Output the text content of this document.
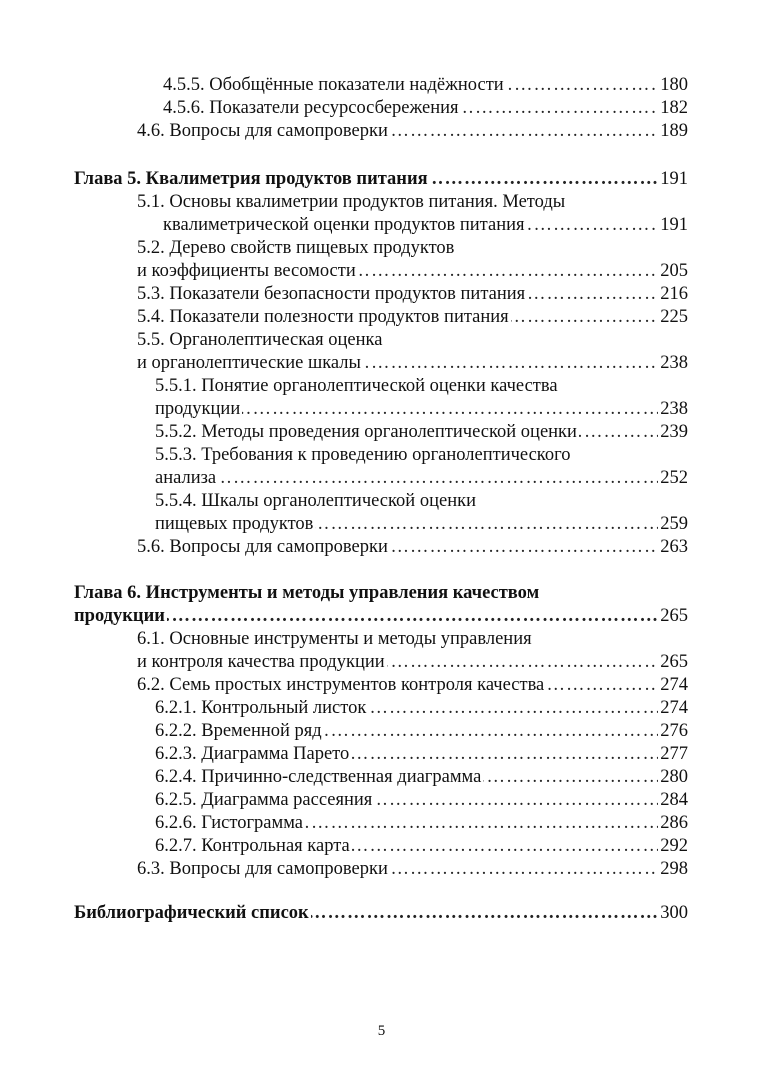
…………………………………………………………………………………………………………………………………………………………………………
4.5.5. Обобщённые показатели надёжности	180
…………………………………………………………………………………………………………………………………………………………………………
4.5.6. Показатели ресурсосбережения	182
…………………………………………………………………………………………………………………………………………………………………………
4.6. Вопросы для самопроверки	189
…………………………………………………………………………………………………………………………………………………………………………
Глава 5. Квалиметрия продуктов питания	191
5.1. Основы квалиметрии продуктов питания. Методы
…………………………………………………………………………………………………………………………………………………………………………
квалиметрической оценки продуктов питания	191
5.2. Дерево свойств пищевых продуктов
…………………………………………………………………………………………………………………………………………………………………………
и коэффициенты весомости	205
…………………………………………………………………………………………………………………………………………………………………………
5.3. Показатели безопасности продуктов питания	216
…………………………………………………………………………………………………………………………………………………………………………
5.4. Показатели полезности продуктов питания	225
5.5. Органолептическая оценка
…………………………………………………………………………………………………………………………………………………………………………
и органолептические шкалы	238
5.5.1. Понятие органолептической оценки качества
…………………………………………………………………………………………………………………………………………………………………………
продукции	238
…………………………………………………………………………………………………………………………………………………………………………
5.5.2. Методы проведения органолептической оценки	239
5.5.3. Требования к проведению органолептического
…………………………………………………………………………………………………………………………………………………………………………
анализа	252
5.5.4. Шкалы органолептической оценки
…………………………………………………………………………………………………………………………………………………………………………
пищевых продуктов	259
…………………………………………………………………………………………………………………………………………………………………………
5.6. Вопросы для самопроверки	263
Глава 6. Инструменты и методы управления качеством
…………………………………………………………………………………………………………………………………………………………………………
продукции	265
6.1. Основные инструменты и методы управления
…………………………………………………………………………………………………………………………………………………………………………
и контроля качества продукции	265
…………………………………………………………………………………………………………………………………………………………………………
6.2. Семь простых инструментов контроля качества	274
…………………………………………………………………………………………………………………………………………………………………………
6.2.1. Контрольный листок	274
…………………………………………………………………………………………………………………………………………………………………………
6.2.2. Временной ряд	276
…………………………………………………………………………………………………………………………………………………………………………
6.2.3. Диаграмма Парето	277
…………………………………………………………………………………………………………………………………………………………………………
6.2.4. Причинно-следственная диаграмма	280
…………………………………………………………………………………………………………………………………………………………………………
6.2.5. Диаграмма рассеяния	284
…………………………………………………………………………………………………………………………………………………………………………
6.2.6. Гистограмма	286
…………………………………………………………………………………………………………………………………………………………………………
6.2.7. Контрольная карта	292
…………………………………………………………………………………………………………………………………………………………………………
6.3. Вопросы для самопроверки	298
…………………………………………………………………………………………………………………………………………………………………………
Библиографический список	300
5
